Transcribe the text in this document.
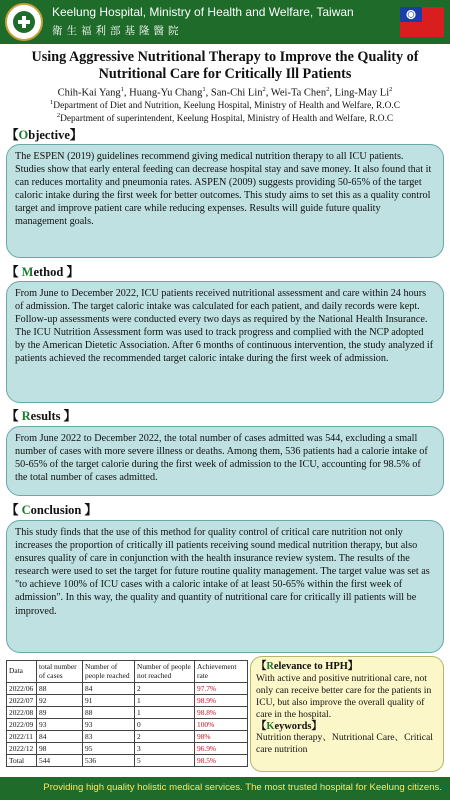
Keelung Hospital, Ministry of Health and Welfare, Taiwan
衛生福利部基隆醫院
Using Aggressive Nutritional Therapy to Improve the Quality of
Nutritional Care for Critically Ill Patients
Chih-Kai Yang$^1$, Huang-Yu Chang$^1$, San-Chi Lin$^2$, Wei-Ta Chen$^2$, Ling-May Li$^2$
$^1$Department of Diet and Nutrition, Keelung Hospital, Ministry of Health and Welfare, R.O.C
$^2$Department of superintendent, Keelung Hospital, Ministry of Health and Welfare, R.O.C
【Objective】
The ESPEN (2019) guidelines recommend giving medical nutrition therapy to all ICU patients. Studies show that early enteral feeding can decrease hospital stay and save money. It also found that it can reduces mortality and pneumonia rates. ASPEN (2009) suggests providing 50-65% of the target caloric intake during the first week for better outcomes. This study aims to set this as a quality control target and improve patient care while reducing expenses. Results will guide future quality management goals.
【 Method 】
From June to December 2022, ICU patients received nutritional assessment and care within 24 hours of admission. The target caloric intake was calculated for each patient, and daily records were kept. Follow-up assessments were conducted every two days as required by the National Health Insurance. The ICU Nutrition Assessment form was used to track progress and complied with the NCP adopted by the American Dietetic Association. After 6 months of continuous intervention, the study analyzed if patients achieved the recommended target caloric intake during the first week of admission.
【 Results 】
From June 2022 to December 2022, the total number of cases admitted was 544, excluding a small number of cases with more severe illness or deaths. Among them, 536 patients had a calorie intake of 50-65% of the target calorie during the first week of admission to the ICU, accounting for 98.5% of the total number of cases admitted.
【 Conclusion 】
This study finds that the use of this method for quality control of critical care nutrition not only increases the proportion of critically ill patients receiving sound medical nutrition therapy, but also ensures quality of care in conjunction with the health insurance review system. The results of the research were used to set the target for future routine quality management. The target value was set as "to achieve 100% of ICU cases with a caloric intake of at least 50-65% within the first week of admission". In this way, the quality and quantity of nutritional care for critically ill patients will be improved.
Data	total number of cases	Number of people reached	Number of people not reached	Achievement rate
2022/06	88	84	2	97.7%
2022/07	92	91	1	98.9%
2022/08	89	88	1	98.8%
2022/09	93	93	0	100%
2022/11	84	83	2	98%
2022/12	98	95	3	96.9%
Total	544	536	5	98.5%
【Relevance to HPH】
With active and positive nutritional care, not only can receive better care for the patients in ICU, but also improve the overall quality of care in the hospital.
【Keywords】
Nutrition therapy、Nutritional Care、Critical care nutrition
Providing high quality holistic medical services. The most trusted hospital for Keelung citizens.
